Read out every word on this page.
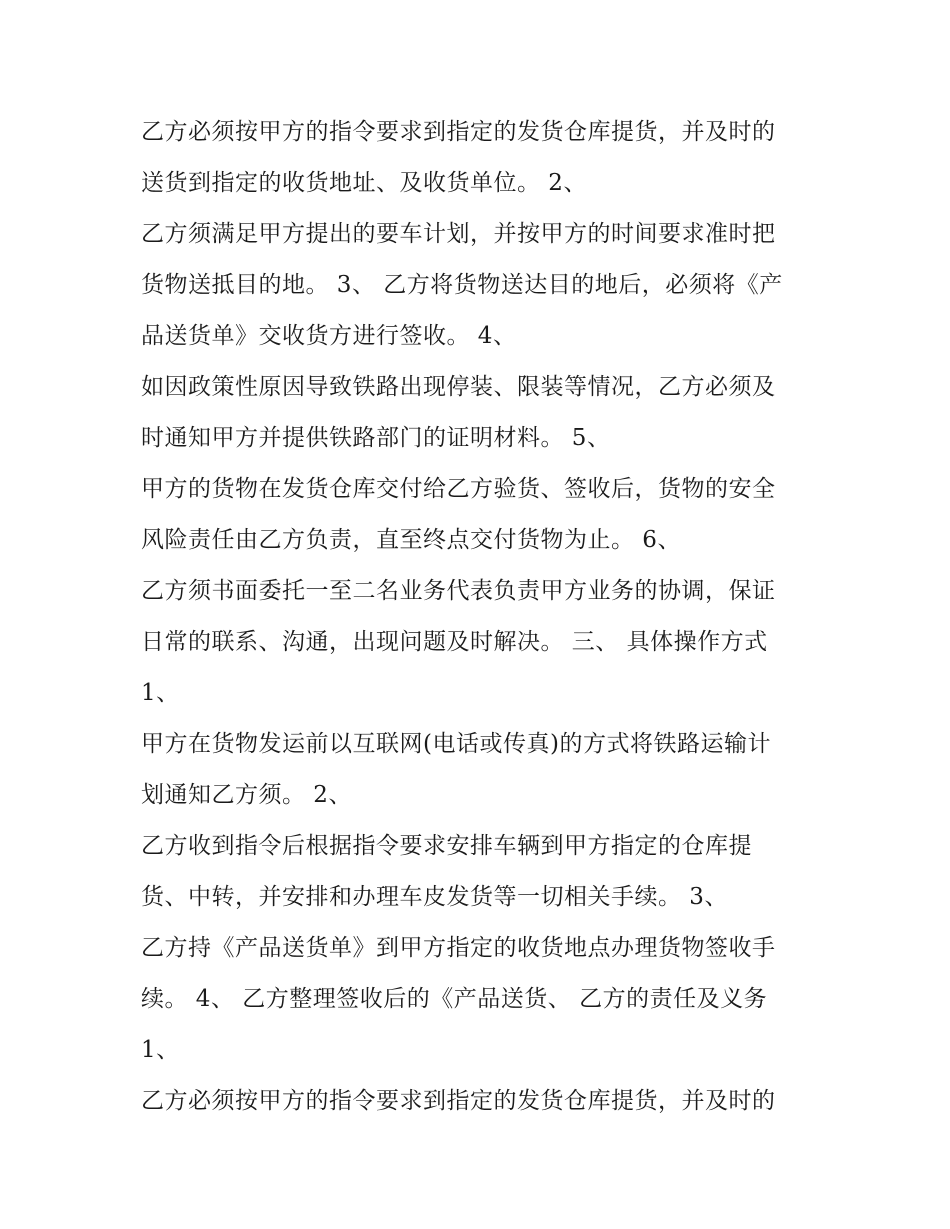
乙方必须按甲方的指令要求到指定的发货仓库提货，并及时的
送货到指定的收货地址、及收货单位。 2、
乙方须满足甲方提出的要车计划，并按甲方的时间要求准时把
货物送抵目的地。 3、 乙方将货物送达目的地后，必须将《产
品送货单》交收货方进行签收。 4、
如因政策性原因导致铁路出现停装、限装等情况，乙方必须及
时通知甲方并提供铁路部门的证明材料。 5、
甲方的货物在发货仓库交付给乙方验货、签收后，货物的安全
风险责任由乙方负责，直至终点交付货物为止。 6、
乙方须书面委托一至二名业务代表负责甲方业务的协调，保证
日常的联系、沟通，出现问题及时解决。 三、 具体操作方式
1、
甲方在货物发运前以互联网(电话或传真)的方式将铁路运输计
划通知乙方须。 2、
乙方收到指令后根据指令要求安排车辆到甲方指定的仓库提
货、中转，并安排和办理车皮发货等一切相关手续。 3、
乙方持《产品送货单》到甲方指定的收货地点办理货物签收手
续。 4、 乙方整理签收后的《产品送货、 乙方的责任及义务
1、
乙方必须按甲方的指令要求到指定的发货仓库提货，并及时的
